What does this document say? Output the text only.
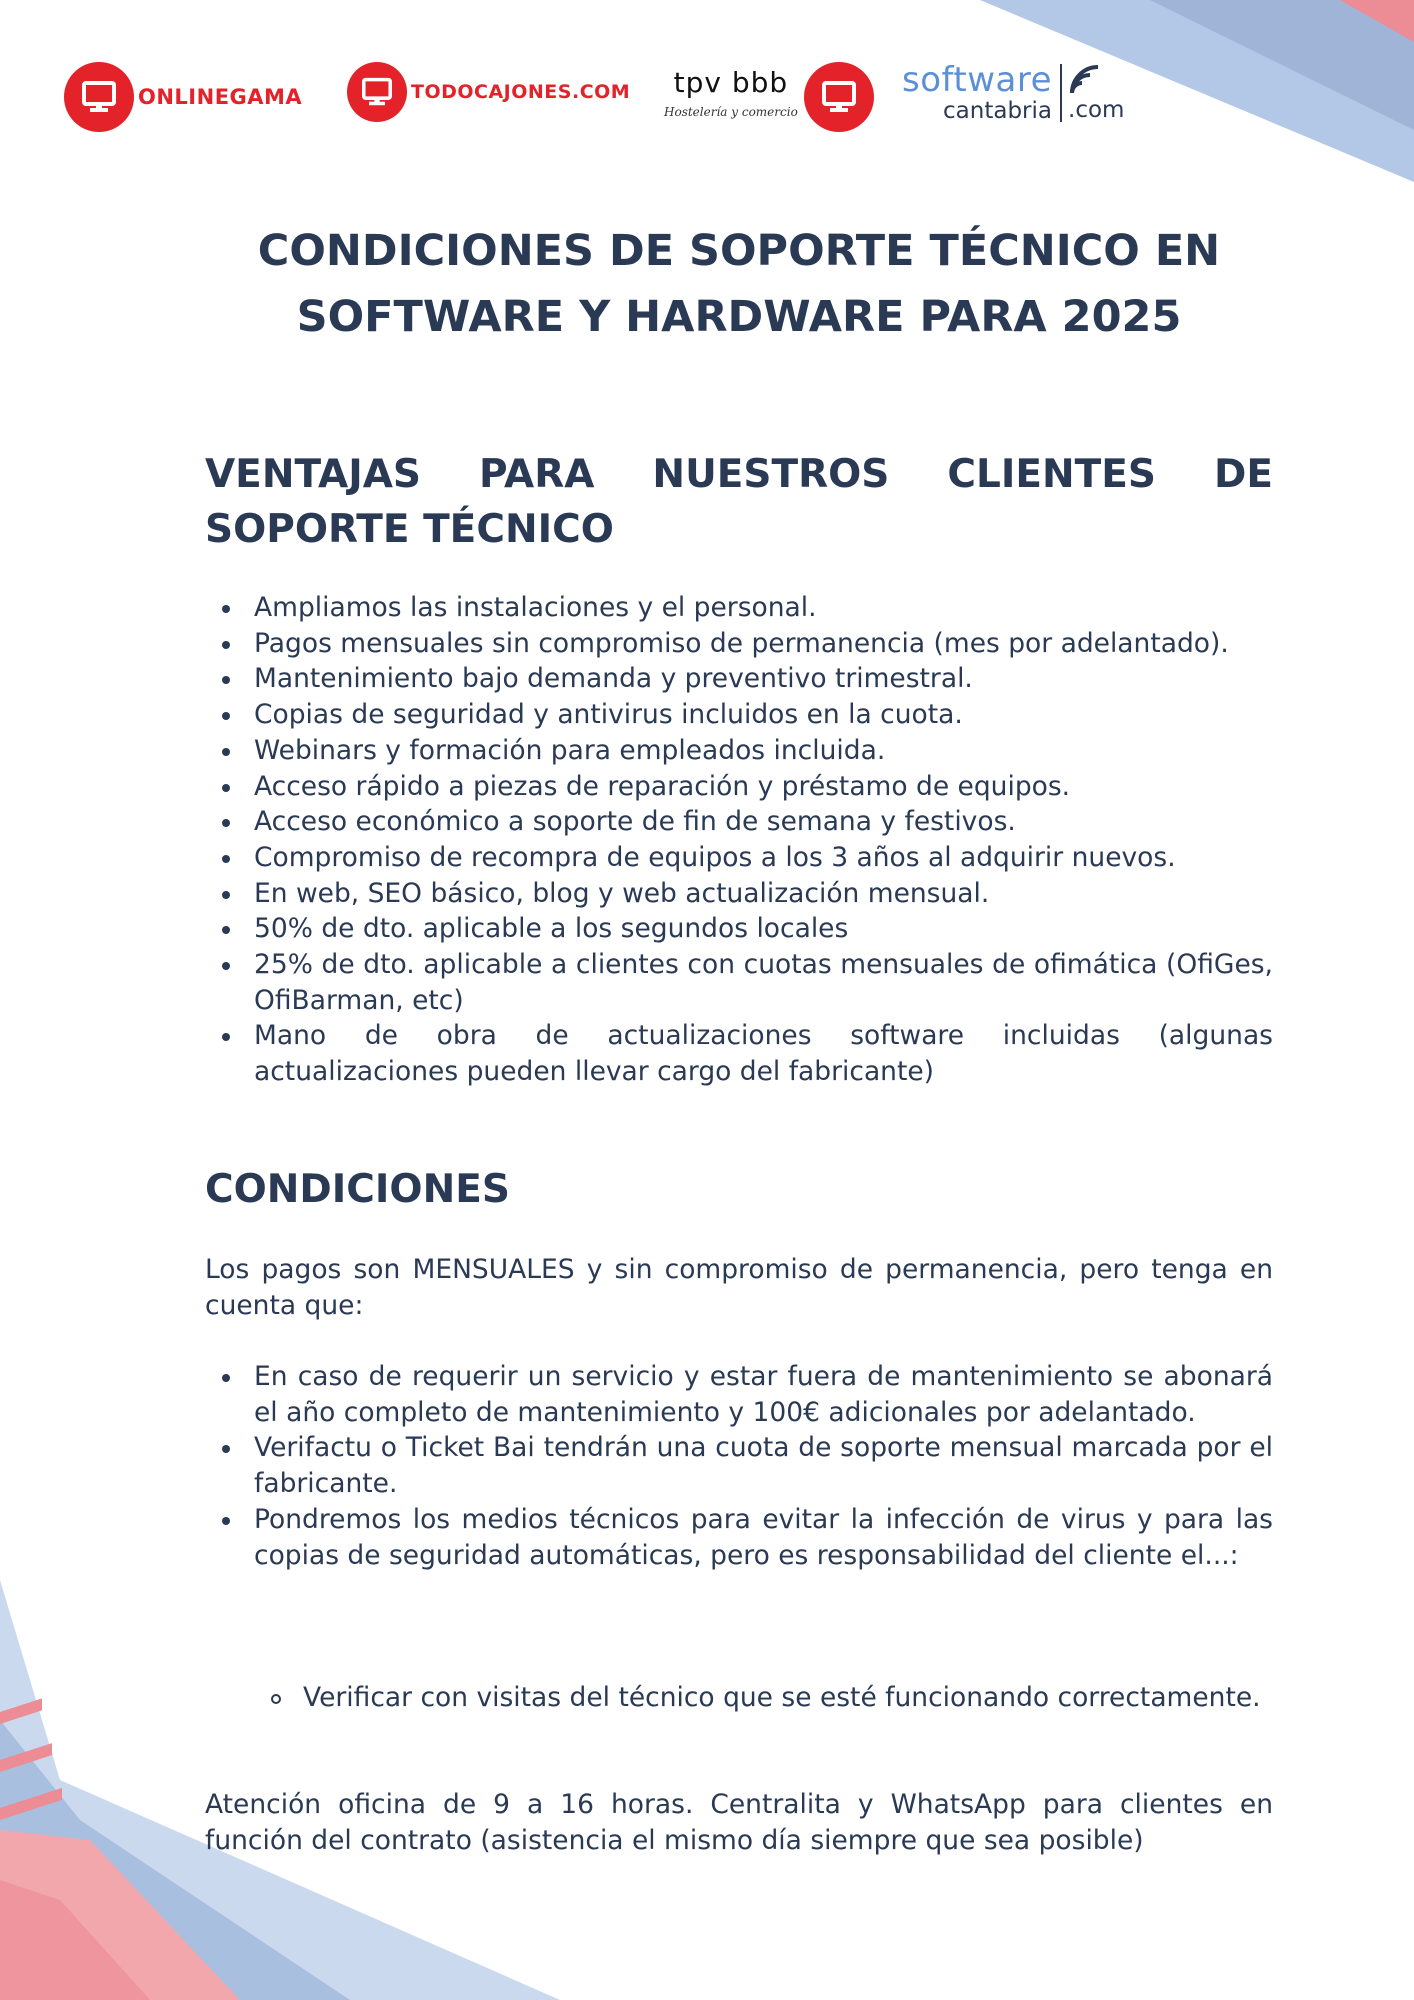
ONLINEGAMA	TODOCAJONES.COM	tpv bbb
Hostelería y comercio
software
cantabria .com
CONDICIONES DE SOPORTE TÉCNICO EN
SOFTWARE Y HARDWARE PARA 2025
VENTAJAS PARA NUESTROS CLIENTES DE
SOPORTE TÉCNICO
Ampliamos las instalaciones y el personal.
Pagos mensuales sin compromiso de permanencia (mes por adelantado).
Mantenimiento bajo demanda y preventivo trimestral.
Copias de seguridad y antivirus incluidos en la cuota.
Webinars y formación para empleados incluida.
Acceso rápido a piezas de reparación y préstamo de equipos.
Acceso económico a soporte de fin de semana y festivos.
Compromiso de recompra de equipos a los 3 años al adquirir nuevos.
En web, SEO básico, blog y web actualización mensual.
50% de dto. aplicable a los segundos locales
25% de dto. aplicable a clientes con cuotas mensuales de ofimática (OfiGes, OfiBarman, etc)
Mano de obra de actualizaciones software incluidas (algunas actualizaciones pueden llevar cargo del fabricante)
CONDICIONES

Los pagos son MENSUALES y sin compromiso de permanencia, pero tenga en cuenta que:

En caso de requerir un servicio y estar fuera de mantenimiento se abonará el año completo de mantenimiento y 100€ adicionales por adelantado.
Verifactu o Ticket Bai tendrán una cuota de soporte mensual marcada por el fabricante.
Pondremos los medios técnicos para evitar la infección de virus y para las copias de seguridad automáticas, pero es responsabilidad del cliente el...:
Verificar con visitas del técnico que se esté funcionando correctamente.

Atención oficina de 9 a 16 horas. Centralita y WhatsApp para clientes en función del contrato (asistencia el mismo día siempre que sea posible)
